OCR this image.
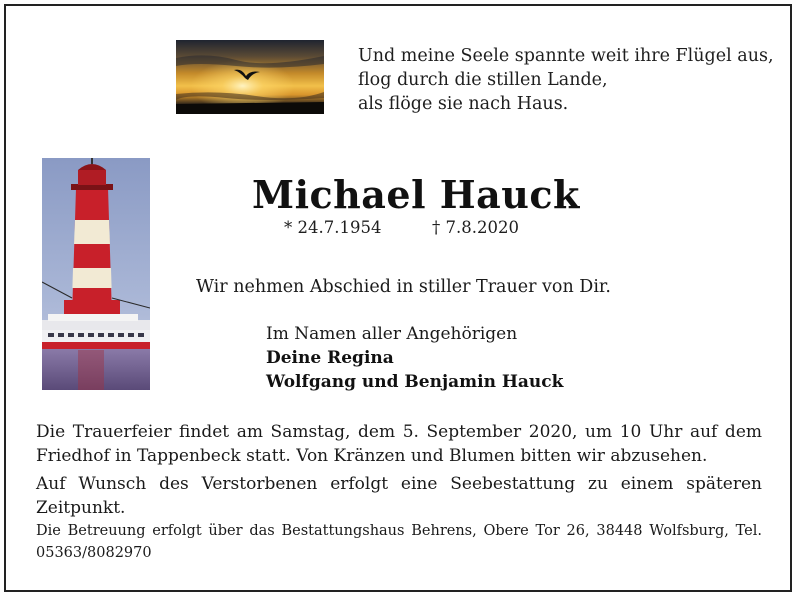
Und meine Seele spannte weit ihre Flügel aus,
flog durch die stillen Lande,
als flöge sie nach Haus.
Michael Hauck
* 24.7.1954	† 7.8.2020
Wir nehmen Abschied in stiller Trauer von Dir.
Im Namen aller Angehörigen
Deine Regina
Wolfgang und Benjamin Hauck
Die Trauerfeier findet am Samstag, dem 5. September 2020, um 10 Uhr auf dem Friedhof in Tappenbeck statt. Von Kränzen und Blumen bitten wir abzusehen.
Auf Wunsch des Verstorbenen erfolgt eine Seebestattung zu einem späteren Zeitpunkt.
Die Betreuung erfolgt über das Bestattungshaus Behrens, Obere Tor 26, 38448 Wolfsburg, Tel. 05363/8082970
